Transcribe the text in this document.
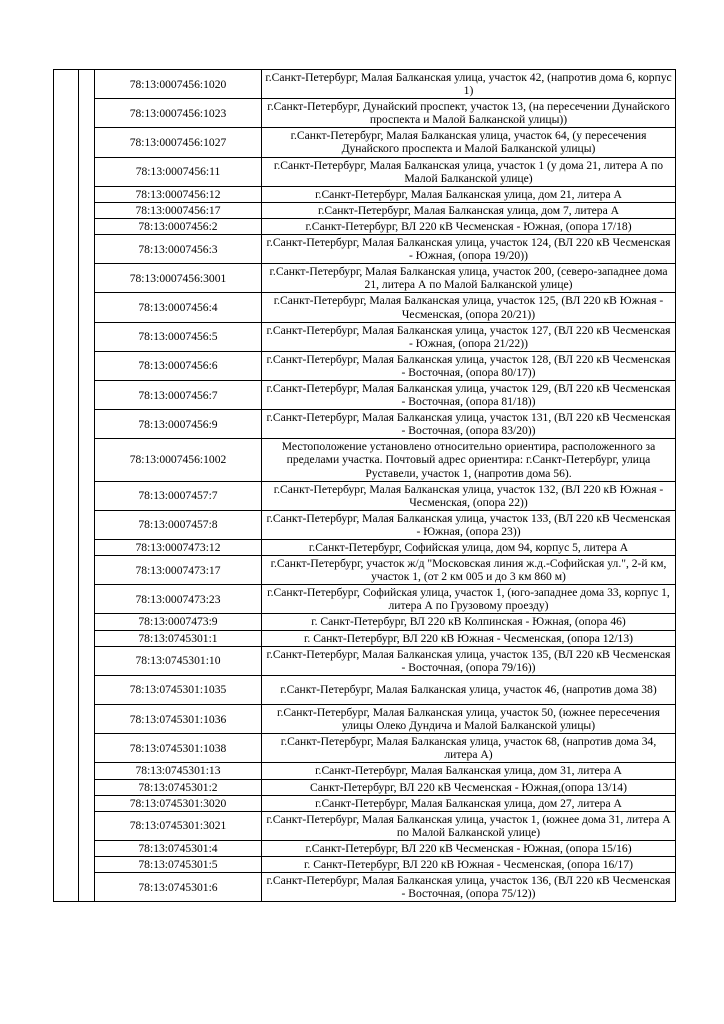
		78:13:0007456:1020	г.Санкт-Петербург, Малая Балканская улица, участок 42, (напротив дома 6, корпус 1)
		78:13:0007456:1023	г.Санкт-Петербург, Дунайский проспект, участок 13, (на пересечении Дунайского проспекта и Малой Балканской улицы))
		78:13:0007456:1027	г.Санкт-Петербург, Малая Балканская улица, участок 64, (у пересечения Дунайского проспекта и Малой Балканской улицы)
		78:13:0007456:11	г.Санкт-Петербург, Малая Балканская улица, участок 1 (у дома 21, литера А по Малой Балканской улице)
		78:13:0007456:12	г.Санкт-Петербург, Малая Балканская улица, дом 21, литера А
		78:13:0007456:17	г.Санкт-Петербург, Малая Балканская улица, дом 7, литера А
		78:13:0007456:2	г.Санкт-Петербург, ВЛ 220 кВ Чесменская - Южная, (опора 17/18)
		78:13:0007456:3	г.Санкт-Петербург, Малая Балканская улица, участок 124, (ВЛ 220 кВ Чесменская - Южная, (опора 19/20))
		78:13:0007456:3001	г.Санкт-Петербург, Малая Балканская улица, участок 200, (северо-западнее дома 21, литера А по Малой Балканской улице)
		78:13:0007456:4	г.Санкт-Петербург, Малая Балканская улица, участок 125, (ВЛ 220 кВ Южная - Чесменская, (опора 20/21))
		78:13:0007456:5	г.Санкт-Петербург, Малая Балканская улица, участок 127, (ВЛ 220 кВ Чесменская - Южная, (опора 21/22))
		78:13:0007456:6	г.Санкт-Петербург, Малая Балканская улица, участок 128, (ВЛ 220 кВ Чесменская - Восточная, (опора 80/17))
		78:13:0007456:7	г.Санкт-Петербург, Малая Балканская улица, участок 129, (ВЛ 220 кВ Чесменская - Восточная, (опора 81/18))
		78:13:0007456:9	г.Санкт-Петербург, Малая Балканская улица, участок 131, (ВЛ 220 кВ Чесменская - Восточная, (опора 83/20))
		78:13:0007456:1002	Местоположение установлено относительно ориентира, расположенного за пределами участка. Почтовый адрес ориентира: г.Санкт-Петербург, улица Руставели, участок 1, (напротив дома 56).
		78:13:0007457:7	г.Санкт-Петербург, Малая Балканская улица, участок 132, (ВЛ 220 кВ Южная - Чесменская, (опора 22))
		78:13:0007457:8	г.Санкт-Петербург, Малая Балканская улица, участок 133, (ВЛ 220 кВ Чесменская - Южная, (опора 23))
		78:13:0007473:12	г.Санкт-Петербург, Софийская улица, дом 94, корпус 5, литера А
		78:13:0007473:17	г.Санкт-Петербург, участок ж/д "Московская линия ж.д.-Софийская ул.", 2-й км, участок 1, (от 2 км 005 и до 3 км 860 м)
		78:13:0007473:23	г.Санкт-Петербург, Софийская улица, участок 1, (юго-западнее дома 33, корпус 1, литера А по Грузовому проезду)
		78:13:0007473:9	г. Санкт-Петербург, ВЛ 220 кВ Колпинская - Южная, (опора 46)
		78:13:0745301:1	г. Санкт-Петербург, ВЛ 220 кВ Южная - Чесменская, (опора 12/13)
		78:13:0745301:10	г.Санкт-Петербург, Малая Балканская улица, участок 135, (ВЛ 220 кВ Чесменская - Восточная, (опора 79/16))
		78:13:0745301:1035	г.Санкт-Петербург, Малая Балканская улица, участок 46, (напротив дома 38)
		78:13:0745301:1036	г.Санкт-Петербург, Малая Балканская улица, участок 50, (южнее пересечения улицы Олеко Дундича и Малой Балканской улицы)
		78:13:0745301:1038	г.Санкт-Петербург, Малая Балканская улица, участок 68, (напротив дома 34, литера А)
		78:13:0745301:13	г.Санкт-Петербург, Малая Балканская улица, дом 31, литера А
		78:13:0745301:2	Санкт-Петербург, ВЛ 220 кВ Чесменская - Южная,(опора 13/14)
		78:13:0745301:3020	г.Санкт-Петербург, Малая Балканская улица, дом 27, литера А
		78:13:0745301:3021	г.Санкт-Петербург, Малая Балканская улица, участок 1, (южнее дома 31, литера А по Малой Балканской улице)
		78:13:0745301:4	г.Санкт-Петербург, ВЛ 220 кВ Чесменская - Южная, (опора 15/16)
		78:13:0745301:5	г. Санкт-Петербург, ВЛ 220 кВ Южная - Чесменская, (опора 16/17)
		78:13:0745301:6	г.Санкт-Петербург, Малая Балканская улица, участок 136, (ВЛ 220 кВ Чесменская - Восточная, (опора 75/12))
